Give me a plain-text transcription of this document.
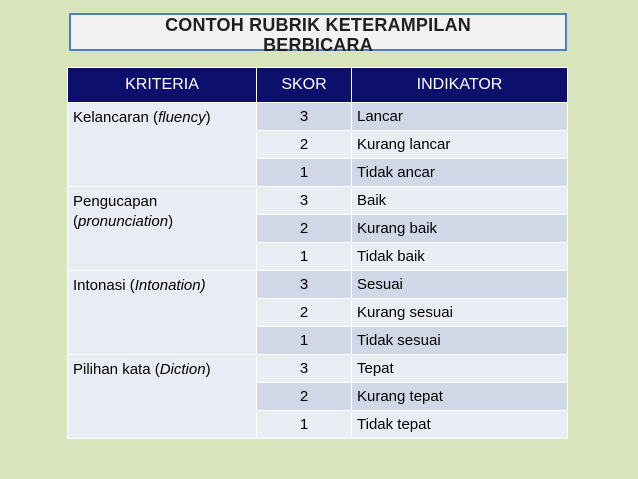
CONTOH RUBRIK KETERAMPILAN
BERBICARA
KRITERIA	SKOR	INDIKATOR
Kelancaran (fluency)	3	Lancar
	2	Kurang lancar
	1	Tidak ancar
Pengucapan
(pronunciation)	3	Baik
	2	Kurang baik
	1	Tidak baik
Intonasi (Intonation)	3	Sesuai
	2	Kurang sesuai
	1	Tidak sesuai
Pilihan kata (Diction)	3	Tepat
	2	Kurang tepat
	1	Tidak tepat
